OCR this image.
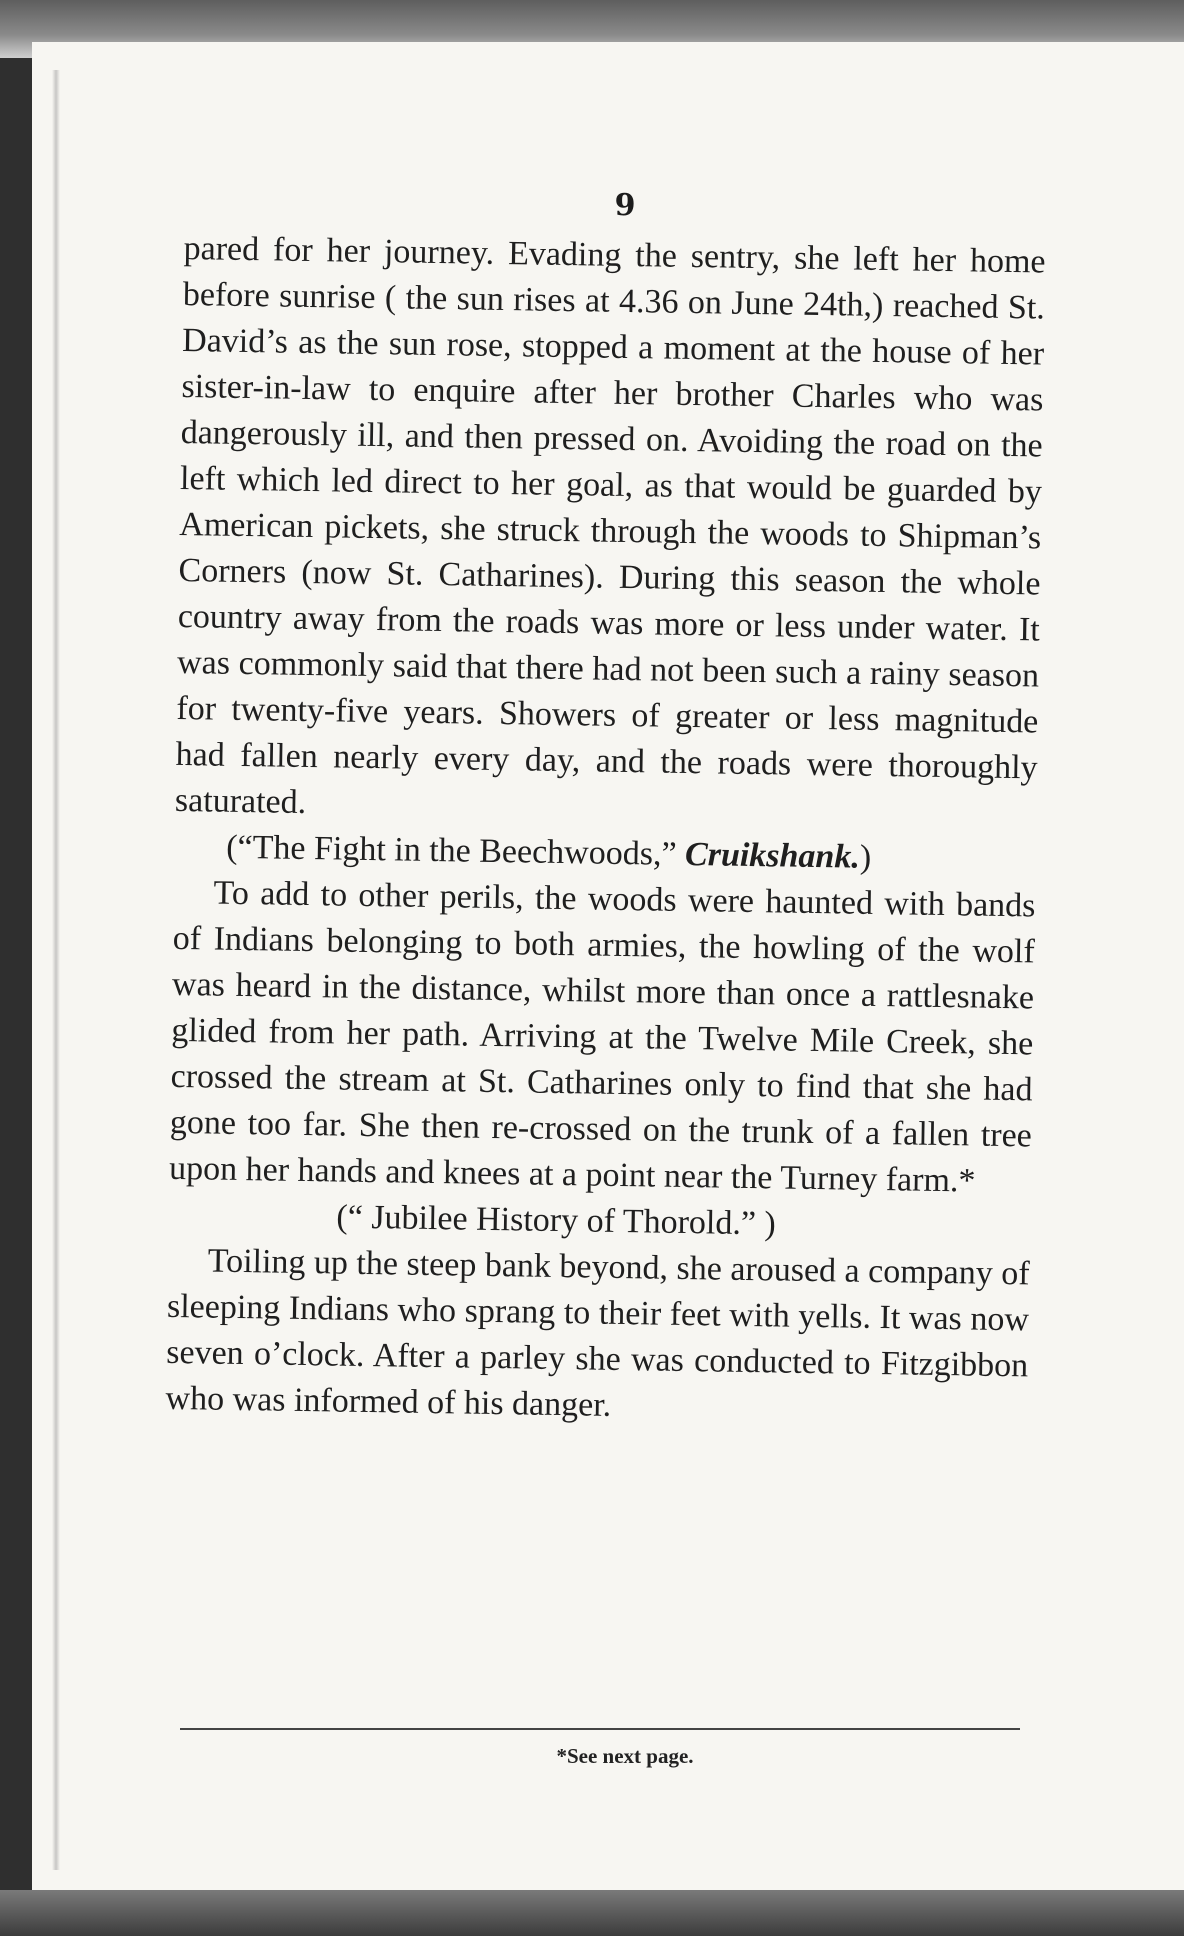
9

pared for her journey. Evading the sentry, she left her home before sunrise ( the sun rises at 4.36 on June 24th,) reached St. David’s as the sun rose, stopped a moment at the house of her sister-in-law to enquire after her brother Charles who was dangerously ill, and then pressed on. Avoiding the road on the left which led direct to her goal, as that would be guarded by American pickets, she struck through the woods to Shipman’s Corners (now St. Catharines). During this season the whole country away from the roads was more or less under water. It was commonly said that there had not been such a rainy season for twenty-five years. Showers of greater or less magnitude had fallen nearly every day, and the roads were thoroughly saturated.

(“The Fight in the Beechwoods,” Cruikshank.)

To add to other perils, the woods were haunted with bands of Indians belonging to both armies, the howling of the wolf was heard in the distance, whilst more than once a rattlesnake glided from her path. Arriving at the Twelve Mile Creek, she crossed the stream at St. Catharines only to find that she had gone too far. She then re-crossed on the trunk of a fallen tree upon her hands and knees at a point near the Turney farm.*

(“ Jubilee History of Thorold.” )

Toiling up the steep bank beyond, she aroused a company of sleeping Indians who sprang to their feet with yells. It was now seven o’clock. After a parley she was conducted to Fitzgibbon who was informed of his danger.

*See next page.
